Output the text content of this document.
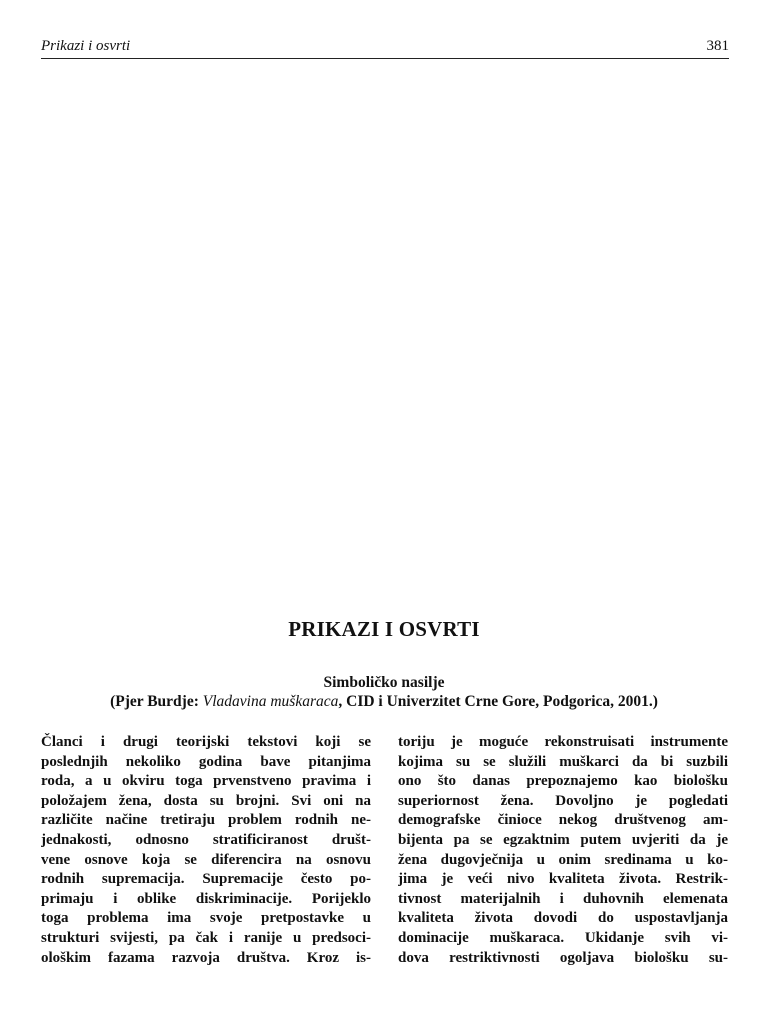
Prikazi i osvrti	381
PRIKAZI I OSVRTI
Simboličko nasilje
(Pjer Burdje: Vladavina muškaraca, CID i Univerzitet Crne Gore, Podgorica, 2001.)
Članci i drugi teorijski tekstovi koji se
poslednjih nekoliko godina bave pitanjima
roda, a u okviru toga prvenstveno pravima i
položajem žena, dosta su brojni. Svi oni na
različite načine tretiraju problem rodnih ne-
jednakosti, odnosno stratificiranost društ-
vene osnove koja se diferencira na osnovu
rodnih supremacija. Supremacije često po-
primaju i oblike diskriminacije. Porijeklo
toga problema ima svoje pretpostavke u
strukturi svijesti, pa čak i ranije u predsoci-
ološkim fazama razvoja društva. Kroz is-
toriju je moguće rekonstruisati instrumente
kojima su se služili muškarci da bi suzbili
ono što danas prepoznajemo kao biološku
superiornost žena. Dovoljno je pogledati
demografske činioce nekog društvenog am-
bijenta pa se egzaktnim putem uvjeriti da je
žena dugovječnija u onim sredinama u ko-
jima je veći nivo kvaliteta života. Restrik-
tivnost materijalnih i duhovnih elemenata
kvaliteta života dovodi do uspostavljanja
dominacije muškaraca. Ukidanje svih vi-
dova restriktivnosti ogoljava biološku su-
